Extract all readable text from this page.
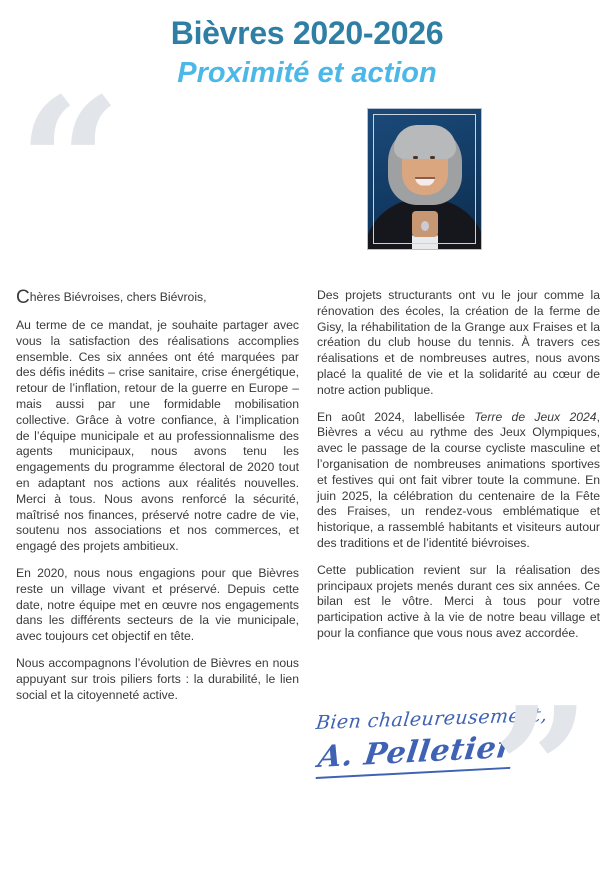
Bièvres 2020-2026
Proximité et action
“

Chères Biévroises, chers Biévrois,

Au terme de ce mandat, je souhaite partager avec vous la satisfaction des réalisations accomplies ensemble. Ces six années ont été marquées par des défis inédits – crise sanitaire, crise énergétique, retour de l’inflation, retour de la guerre en Europe – mais aussi par une formidable mobilisation collective. Grâce à votre confiance, à l’implication de l’équipe municipale et au professionnalisme des agents municipaux, nous avons tenu les engagements du programme électoral de 2020 tout en adaptant nos actions aux réalités nouvelles. Merci à tous. Nous avons renforcé la sécurité, maîtrisé nos finances, préservé notre cadre de vie, soutenu nos associations et nos commerces, et engagé des projets ambitieux.

En 2020, nous nous engagions pour que Bièvres reste un village vivant et préservé. Depuis cette date, notre équipe met en œuvre nos engagements dans les différents secteurs de la vie municipale, avec toujours cet objectif en tête.

Nous accompagnons l’évolution de Bièvres en nous appuyant sur trois piliers forts : la durabilité, le lien social et la citoyenneté active.

Des projets structurants ont vu le jour comme la rénovation des écoles, la création de la ferme de Gisy, la réhabilitation de la Grange aux Fraises et la création du club house du tennis. À travers ces réalisations et de nombreuses autres, nous avons placé la qualité de vie et la solidarité au cœur de notre action publique.

En août 2024, labellisée Terre de Jeux 2024, Bièvres a vécu au rythme des Jeux Olympiques, avec le passage de la course cycliste masculine et l’organisation de nombreuses animations sportives et festives qui ont fait vibrer toute la commune. En juin 2025, la célébration du centenaire de la Fête des Fraises, un rendez-vous emblématique et historique, a rassemblé habitants et visiteurs autour des traditions et de l’identité biévroises.

Cette publication revient sur la réalisation des principaux projets menés durant ces six années. Ce bilan est le vôtre. Merci à tous pour votre participation active à la vie de notre beau village et pour la confiance que vous nous avez accordée.

Bien chaleureusement,
A. Pelletier
”
